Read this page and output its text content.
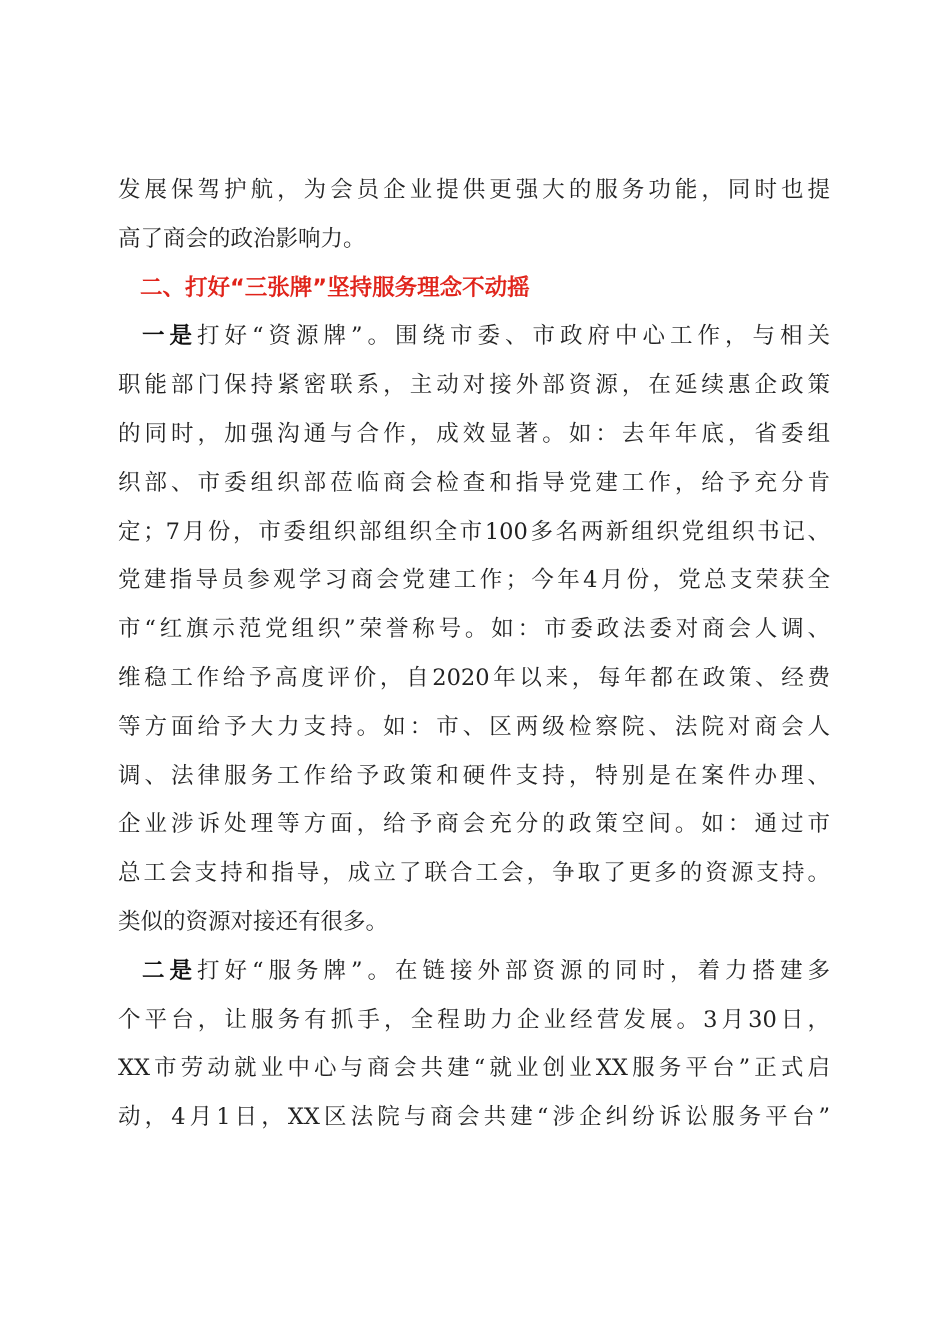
发展保驾护航，为会员企业提供更强大的服务功能，同时也提
高了商会的政治影响力。
二、打好“三张牌”坚持服务理念不动摇
一是打好“资源牌”。围绕市委、市政府中心工作，与相关
职能部门保持紧密联系，主动对接外部资源，在延续惠企政策
的同时，加强沟通与合作，成效显著。如：去年年底，省委组
织部、市委组织部莅临商会检查和指导党建工作，给予充分肯
定；7月份，市委组织部组织全市100多名两新组织党组织书记、
党建指导员参观学习商会党建工作；今年4月份，党总支荣获全
市“红旗示范党组织”荣誉称号。如：市委政法委对商会人调、
维稳工作给予高度评价，自2020年以来，每年都在政策、经费
等方面给予大力支持。如：市、区两级检察院、法院对商会人
调、法律服务工作给予政策和硬件支持，特别是在案件办理、
企业涉诉处理等方面，给予商会充分的政策空间。如：通过市
总工会支持和指导，成立了联合工会，争取了更多的资源支持。
类似的资源对接还有很多。
二是打好“服务牌”。在链接外部资源的同时，着力搭建多
个平台，让服务有抓手，全程助力企业经营发展。3月30日，
XX市劳动就业中心与商会共建“就业创业XX服务平台”正式启
动，4月1日，XX区法院与商会共建“涉企纠纷诉讼服务平台”
